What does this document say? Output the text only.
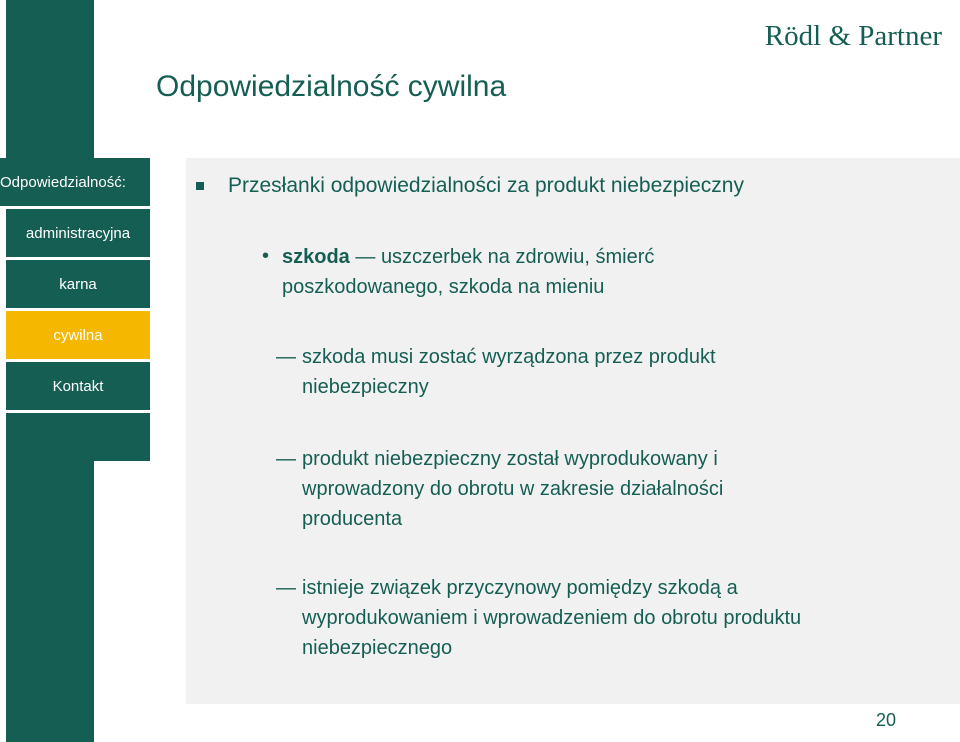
Rödl & Partner
Odpowiedzialność cywilna
Odpowiedzialność:
administracyjna
karna
cywilna
Kontakt
Przesłanki odpowiedzialności za produkt niebezpieczny
• szkoda — uszczerbek na zdrowiu, śmierć
poszkodowanego, szkoda na mieniu
— szkoda musi zostać wyrządzona przez produkt
niebezpieczny
— produkt niebezpieczny został wyprodukowany i
wprowadzony do obrotu w zakresie działalności
producenta
— istnieje związek przyczynowy pomiędzy szkodą a
wyprodukowaniem i wprowadzeniem do obrotu produktu
niebezpiecznego
20
